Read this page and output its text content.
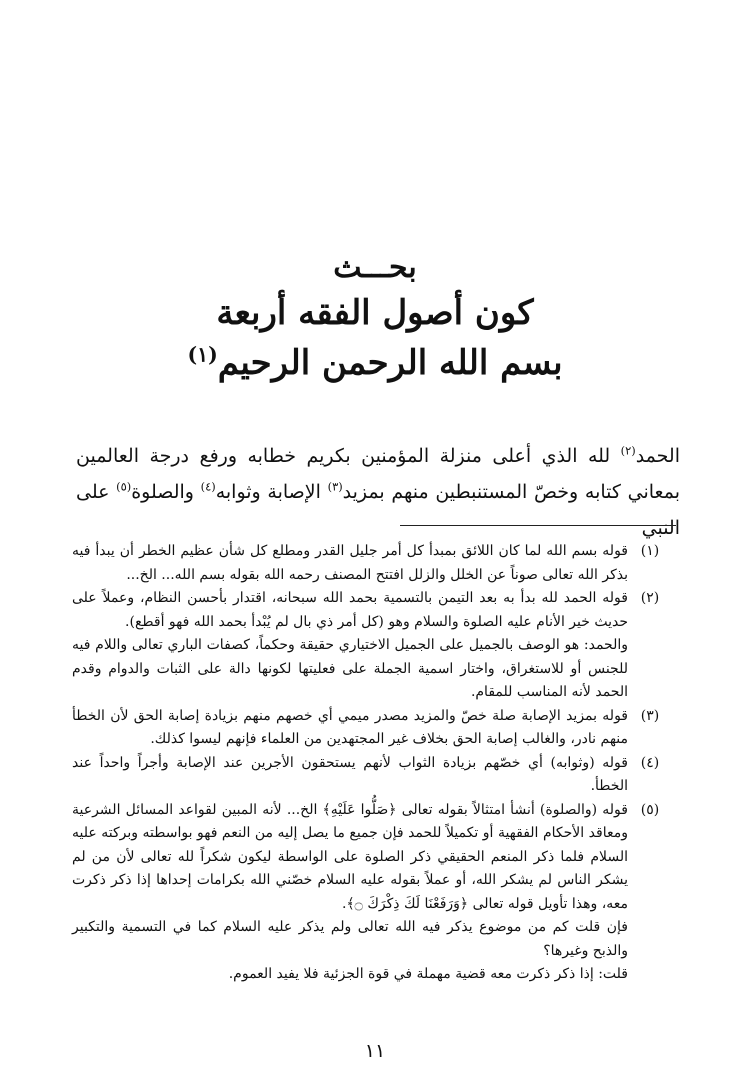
بحـــث
كون أصول الفقه أربعة
بسم الله الرحمن الرحيم$^{(١)}$
الحمد$^{(٢)}$ لله الذي أعلى منزلة المؤمنين بكريم خطابه ورفع درجة العالمين بمعاني كتابه وخصّ المستنبطين منهم بمزيد$^{(٣)}$ الإصابة وثوابه$^{(٤)}$ والصلوة$^{(٥)}$ على النبي
(١)
قوله بسم الله لما كان اللائق بمبدأ كل أمر جليل القدر ومطلع كل شأن عظيم الخطر أن يبدأ فيه بذكر الله تعالى صوناً عن الخلل والزلل افتتح المصنف رحمه الله بقوله بسم الله... الخ...
(٢)
قوله الحمد لله بدأ به بعد التيمن بالتسمية بحمد الله سبحانه، اقتدار بأحسن النظام، وعملاً على حديث خير الأنام عليه الصلوة والسلام وهو (كل أمر ذي بال لم يُبْدأ بحمد الله فهو أقطع).
والحمد: هو الوصف بالجميل على الجميل الاختياري حقيقة وحكماً، كصفات الباري تعالى واللام فيه للجنس أو للاستغراق، واختار اسمية الجملة على فعليتها لكونها دالة على الثبات والدوام وقدم الحمد لأنه المناسب للمقام.
(٣)
قوله بمزيد الإصابة صلة خصّ والمزيد مصدر ميمي أي خصهم منهم بزيادة إصابة الحق لأن الخطأ منهم نادر، والغالب إصابة الحق بخلاف غير المجتهدين من العلماء فإنهم ليسوا كذلك.
(٤)
قوله (وثوابه) أي خصّهم بزيادة الثواب لأنهم يستحقون الأجرين عند الإصابة وأجراً واحداً عند الخطأ.
(٥)
قوله (والصلوة) أنشأ امتثالاً بقوله تعالى ﴿صَلُّوا عَلَيْهِ﴾ الخ... لأنه المبين لقواعد المسائل الشرعية ومعاقد الأحكام الفقهية أو تكميلاً للحمد فإن جميع ما يصل إليه من النعم فهو بواسطته وبركته عليه السلام فلما ذكر المنعم الحقيقي ذكر الصلوة على الواسطة ليكون شكراً لله تعالى لأن من لم يشكر الناس لم يشكر الله، أو عملاً بقوله عليه السلام خصّني الله بكرامات إحداها إذا ذكر ذكرت معه، وهذا تأويل قوله تعالى ﴿وَرَفَعْنَا لَكَ ذِكْرَكَ ۝﴾.
فإن قلت كم من موضوع يذكر فيه الله تعالى ولم يذكر عليه السلام كما في التسمية والتكبير والذبح وغيرها؟
قلت: إذا ذكر ذكرت معه قضية مهملة في قوة الجزئية فلا يفيد العموم.
١١
